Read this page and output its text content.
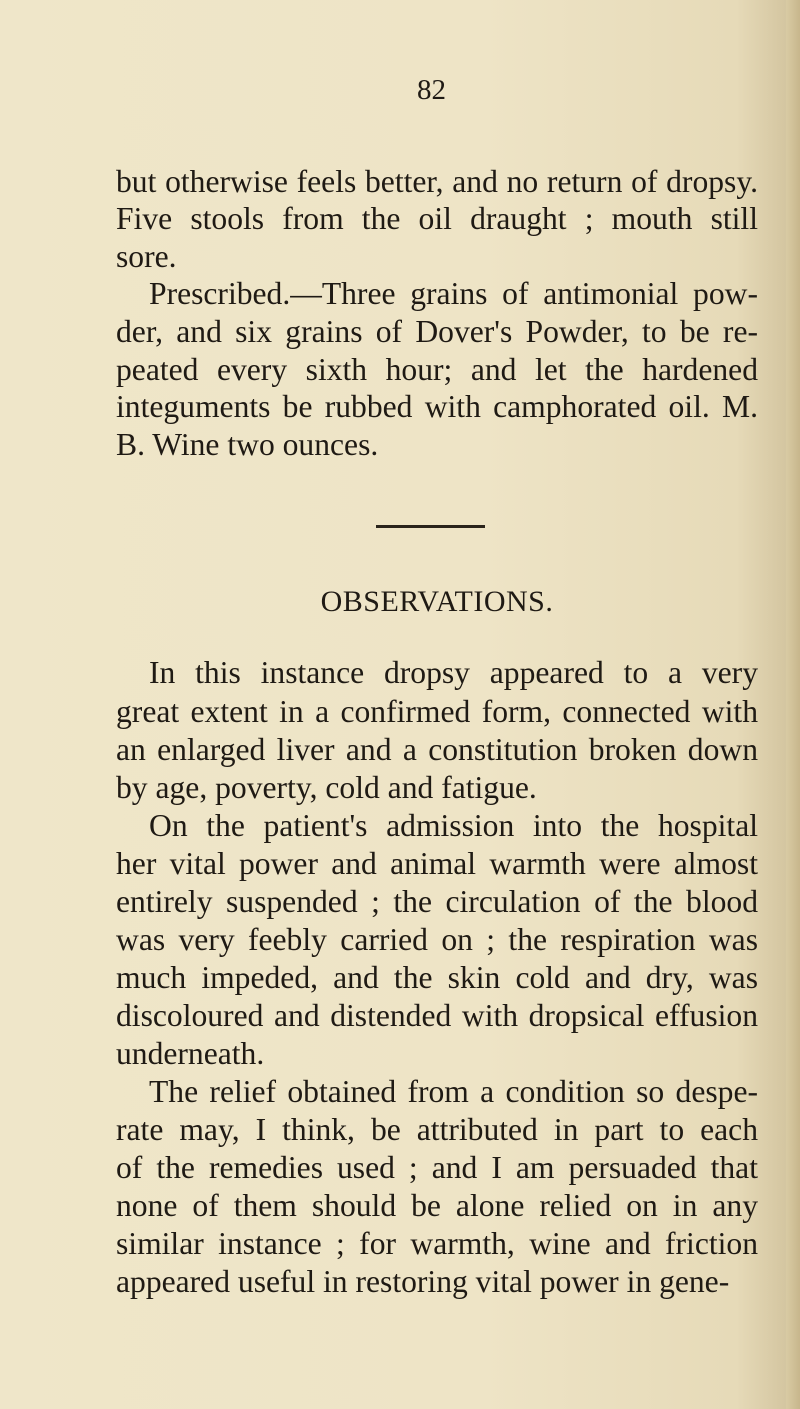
82
but otherwise feels better, and no return of dropsy.
Five stools from the oil draught ; mouth still
sore.
Prescribed.—Three grains of antimonial pow-
der, and six grains of Dover's Powder, to be re-
peated every sixth hour; and let the hardened
integuments be rubbed with camphorated oil. M.
B. Wine two ounces.
OBSERVATIONS.
In this instance dropsy appeared to a very
great extent in a confirmed form, connected with
an enlarged liver and a constitution broken down
by age, poverty, cold and fatigue.
On the patient's admission into the hospital
her vital power and animal warmth were almost
entirely suspended ; the circulation of the blood
was very feebly carried on ; the respiration was
much impeded, and the skin cold and dry, was
discoloured and distended with dropsical effusion
underneath.
The relief obtained from a condition so despe-
rate may, I think, be attributed in part to each
of the remedies used ; and I am persuaded that
none of them should be alone relied on in any
similar instance ; for warmth, wine and friction
appeared useful in restoring vital power in gene-
